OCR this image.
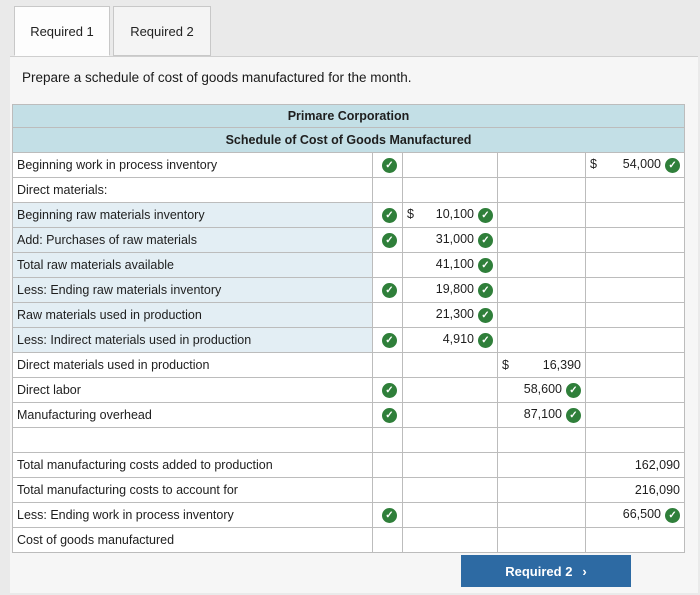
Required 1	Required 2
Prepare a schedule of cost of goods manufactured for the month.
Primare Corporation				
Schedule of Cost of Goods Manufactured				
Beginning work in process inventory	✓			$ 54,000 ✓
Direct materials:				
Beginning raw materials inventory	✓	$ 10,100 ✓		
Add: Purchases of raw materials	✓	31,000 ✓		
Total raw materials available		41,100 ✓		
Less: Ending raw materials inventory	✓	19,800 ✓		
Raw materials used in production		21,300 ✓		
Less: Indirect materials used in production	✓	4,910 ✓		
Direct materials used in production			$ 16,390	
Direct labor	✓		58,600 ✓	
Manufacturing overhead	✓		87,100 ✓	

Total manufacturing costs added to production				162,090
Total manufacturing costs to account for				216,090
Less: Ending work in process inventory	✓			66,500 ✓
Cost of goods manufactured				
Required 2 ›
